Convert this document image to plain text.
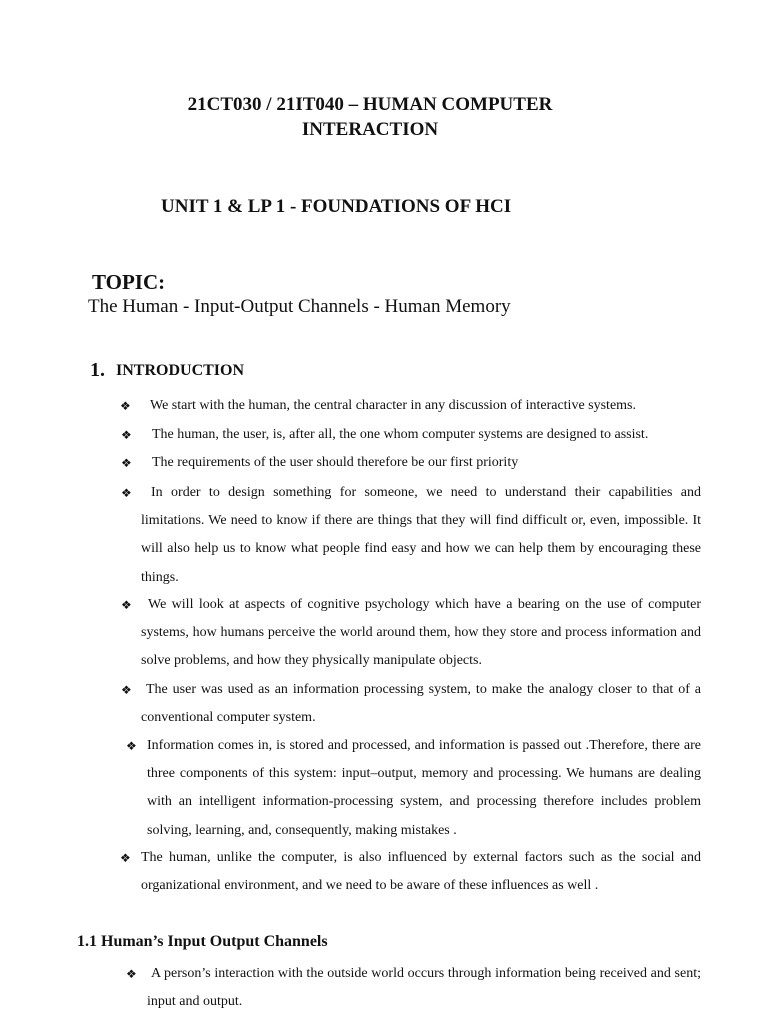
21CT030 / 21IT040 – HUMAN COMPUTER
INTERACTION
UNIT 1 & LP 1 - FOUNDATIONS OF HCI
TOPIC:
The Human - Input-Output Channels - Human Memory
1. INTRODUCTION
❖ We start with the human, the central character in any discussion of interactive systems.
❖ The human, the user, is, after all, the one whom computer systems are designed to assist.
❖ The requirements of the user should therefore be our first priority
❖	In order to design something for someone, we need to understand their capabilities and limitations. We need to know if there are things that they will find difficult or, even, impossible. It will also help us to know what people find easy and how we can help them by encouraging these things.
❖	We will look at aspects of cognitive psychology which have a bearing on the use of computer systems, how humans perceive the world around them, how they store and process information and solve problems, and how they physically manipulate objects.
❖	The user was used as an information processing system, to make the analogy closer to that of a conventional computer system.
❖ Information comes in, is stored and processed, and information is passed out .Therefore, there are three components of this system: input–output, memory and processing. We humans are dealing with an intelligent information-processing system, and processing therefore includes problem solving, learning, and, consequently, making mistakes .
❖ The human, unlike the computer, is also influenced by external factors such as the social and organizational environment, and we need to be aware of these influences as well .
1.1 Human’s Input Output Channels
❖ A person’s interaction with the outside world occurs through information being received and sent; input and output.
